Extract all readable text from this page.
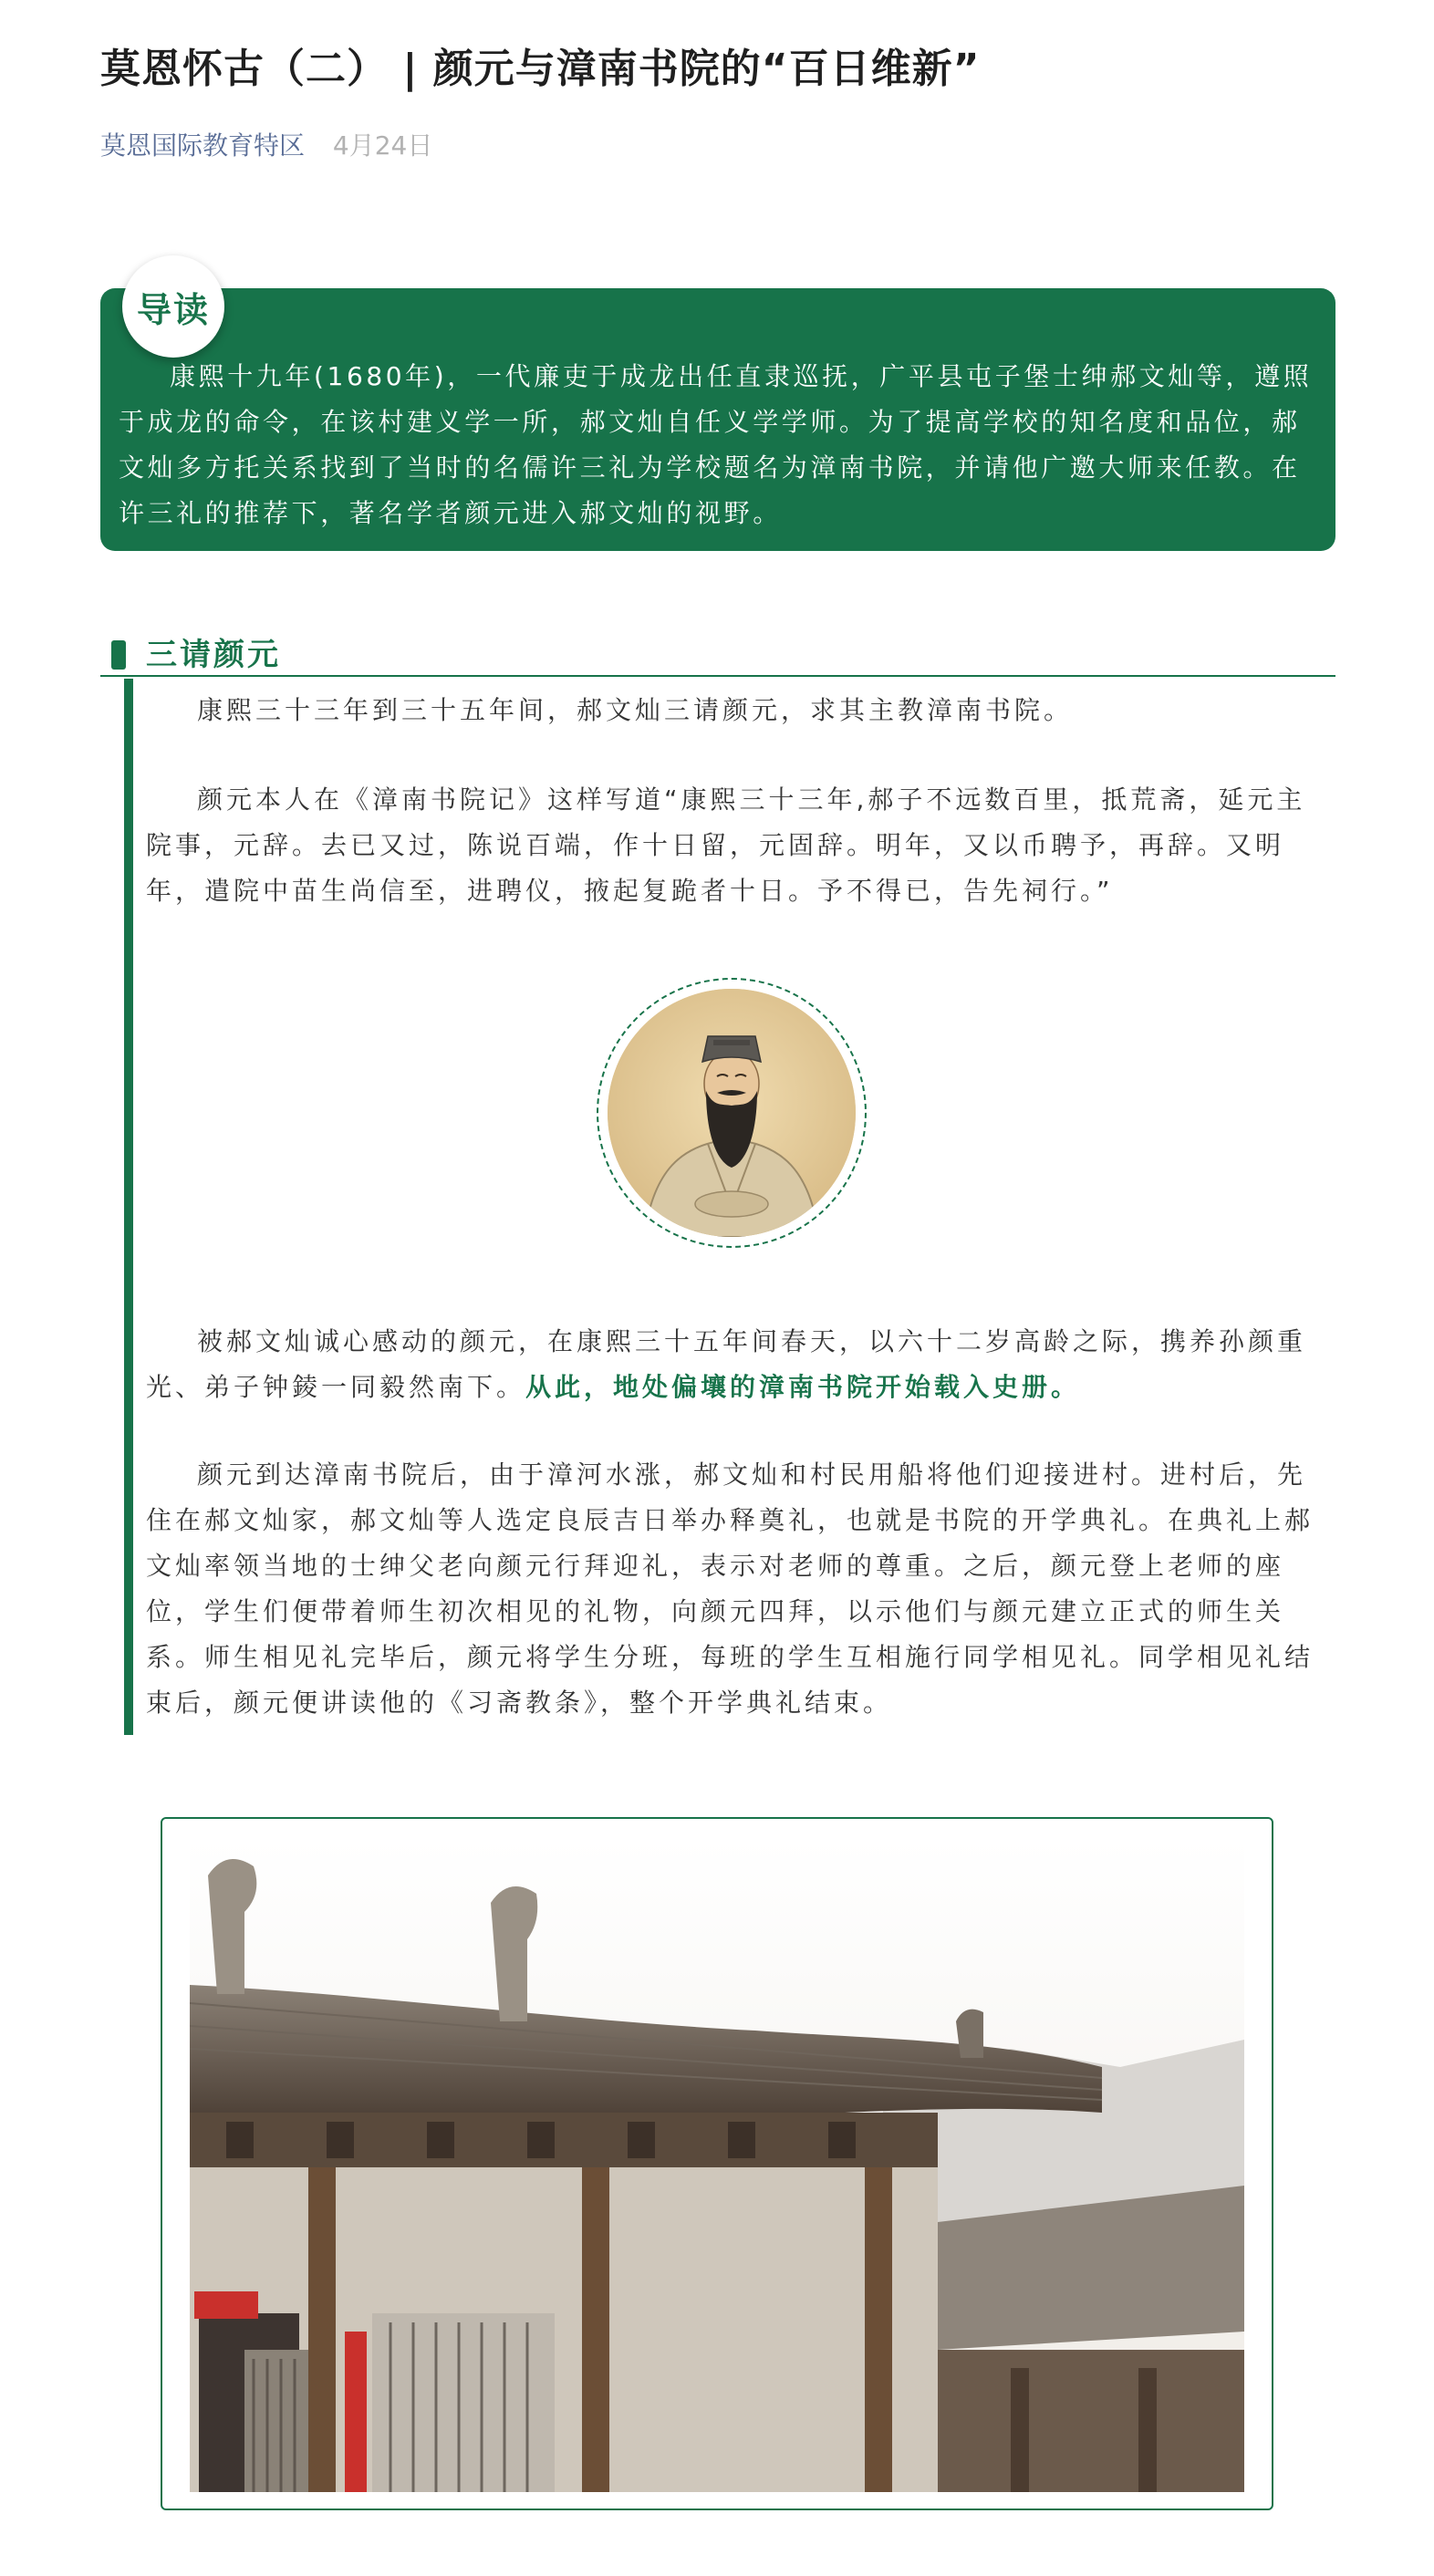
莫恩怀古（二） | 颜元与漳南书院的“百日维新”
莫恩国际教育特区 4月24日
导读

康熙十九年(1680年)，一代廉吏于成龙出任直隶巡抚，广平县屯子堡士绅郝文灿等，遵照于成龙的命令，在该村建义学一所，郝文灿自任义学学师。为了提高学校的知名度和品位，郝文灿多方托关系找到了当时的名儒许三礼为学校题名为漳南书院，并请他广邀大师来任教。在许三礼的推荐下，著名学者颜元进入郝文灿的视野。

三请颜元

康熙三十三年到三十五年间，郝文灿三请颜元，求其主教漳南书院。

颜元本人在《漳南书院记》这样写道“康熙三十三年,郝子不远数百里，抵荒斋，延元主院事，元辞。去已又过，陈说百端，作十日留，元固辞。明年，又以币聘予，再辞。又明年，遣院中苗生尚信至，进聘仪，掖起复跪者十日。予不得已，告先祠行。”

被郝文灿诚心感动的颜元，在康熙三十五年间春天，以六十二岁高龄之际，携养孙颜重光、弟子钟錂一同毅然南下。从此，地处偏壤的漳南书院开始载入史册。

颜元到达漳南书院后，由于漳河水涨，郝文灿和村民用船将他们迎接进村。进村后，先住在郝文灿家，郝文灿等人选定良辰吉日举办释奠礼，也就是书院的开学典礼。在典礼上郝文灿率领当地的士绅父老向颜元行拜迎礼，表示对老师的尊重。之后，颜元登上老师的座位，学生们便带着师生初次相见的礼物，向颜元四拜，以示他们与颜元建立正式的师生关系。师生相见礼完毕后，颜元将学生分班，每班的学生互相施行同学相见礼。同学相见礼结束后，颜元便讲读他的《习斋教条》，整个开学典礼结束。
